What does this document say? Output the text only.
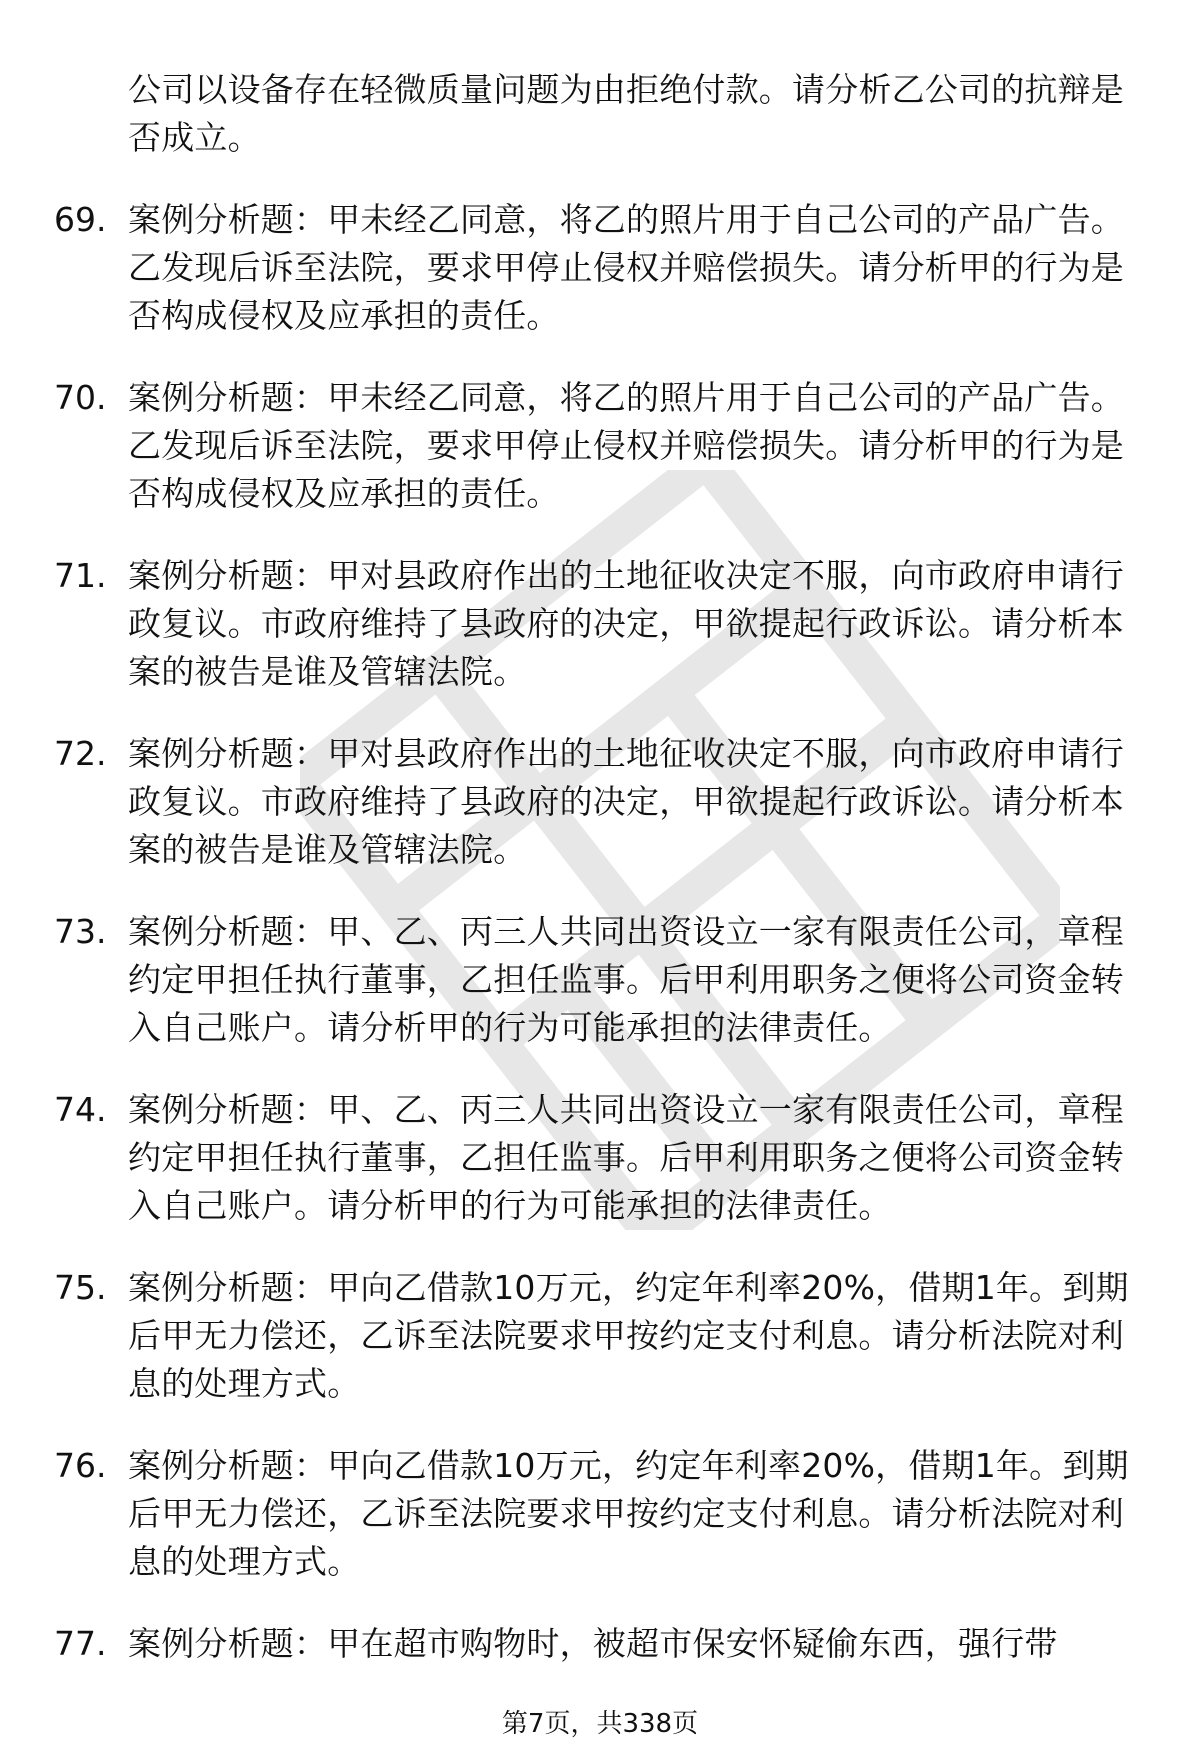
公司以设备存在轻微质量问题为由拒绝付款。请分析乙公司的抗辩是否成立。
69. 案例分析题：甲未经乙同意，将乙的照片用于自己公司的产品广告。乙发现后诉至法院，要求甲停止侵权并赔偿损失。请分析甲的行为是否构成侵权及应承担的责任。
70. 案例分析题：甲未经乙同意，将乙的照片用于自己公司的产品广告。乙发现后诉至法院，要求甲停止侵权并赔偿损失。请分析甲的行为是否构成侵权及应承担的责任。
71. 案例分析题：甲对县政府作出的土地征收决定不服，向市政府申请行政复议。市政府维持了县政府的决定，甲欲提起行政诉讼。请分析本案的被告是谁及管辖法院。
72. 案例分析题：甲对县政府作出的土地征收决定不服，向市政府申请行政复议。市政府维持了县政府的决定，甲欲提起行政诉讼。请分析本案的被告是谁及管辖法院。
73. 案例分析题：甲、乙、丙三人共同出资设立一家有限责任公司，章程约定甲担任执行董事，乙担任监事。后甲利用职务之便将公司资金转入自己账户。请分析甲的行为可能承担的法律责任。
74. 案例分析题：甲、乙、丙三人共同出资设立一家有限责任公司，章程约定甲担任执行董事，乙担任监事。后甲利用职务之便将公司资金转入自己账户。请分析甲的行为可能承担的法律责任。
75. 案例分析题：甲向乙借款10万元，约定年利率20%，借期1年。到期后甲无力偿还，乙诉至法院要求甲按约定支付利息。请分析法院对利息的处理方式。
76. 案例分析题：甲向乙借款10万元，约定年利率20%，借期1年。到期后甲无力偿还，乙诉至法院要求甲按约定支付利息。请分析法院对利息的处理方式。
77. 案例分析题：甲在超市购物时，被超市保安怀疑偷东西，强行带
第7页，共338页
